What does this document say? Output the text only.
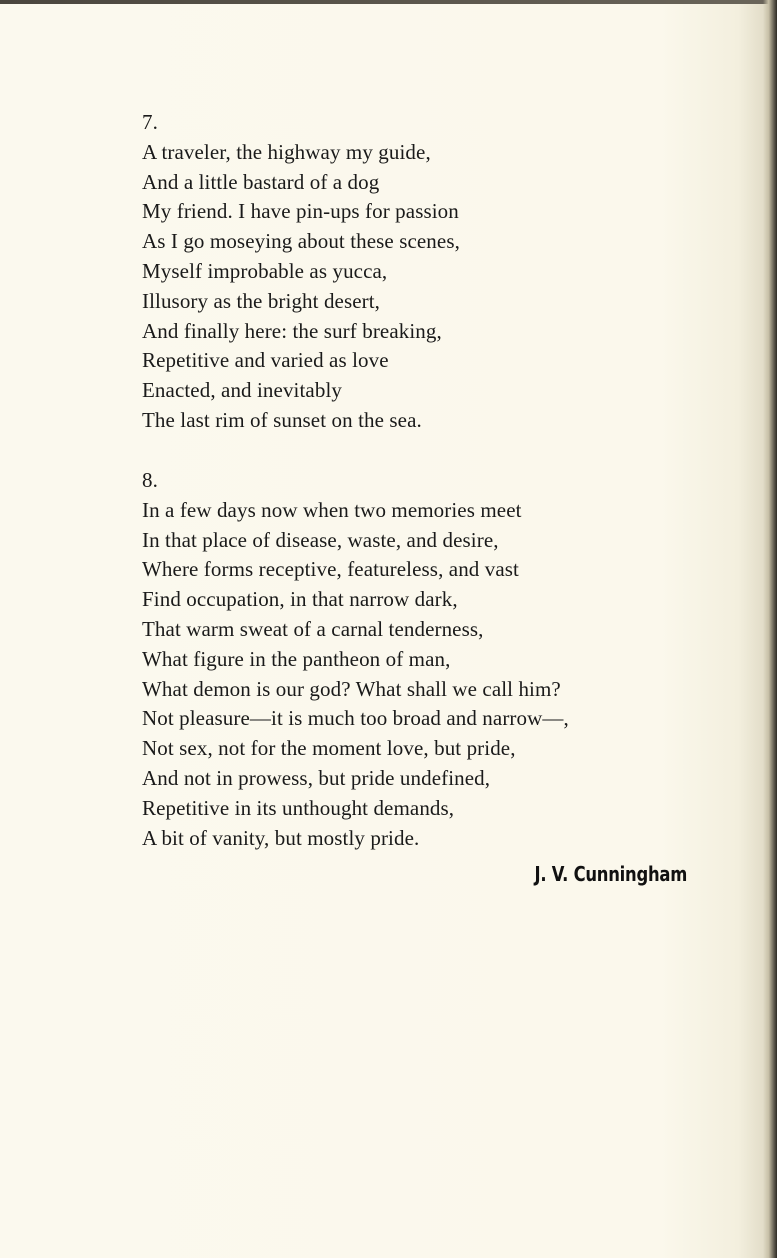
7.
A traveler, the highway my guide,
And a little bastard of a dog
My friend. I have pin-ups for passion
As I go moseying about these scenes,
Myself improbable as yucca,
Illusory as the bright desert,
And finally here: the surf breaking,
Repetitive and varied as love
Enacted, and inevitably
The last rim of sunset on the sea.
8.
In a few days now when two memories meet
In that place of disease, waste, and desire,
Where forms receptive, featureless, and vast
Find occupation, in that narrow dark,
That warm sweat of a carnal tenderness,
What figure in the pantheon of man,
What demon is our god? What shall we call him?
Not pleasure—it is much too broad and narrow—,
Not sex, not for the moment love, but pride,
And not in prowess, but pride undefined,
Repetitive in its unthought demands,
A bit of vanity, but mostly pride.
J. V. Cunningham
